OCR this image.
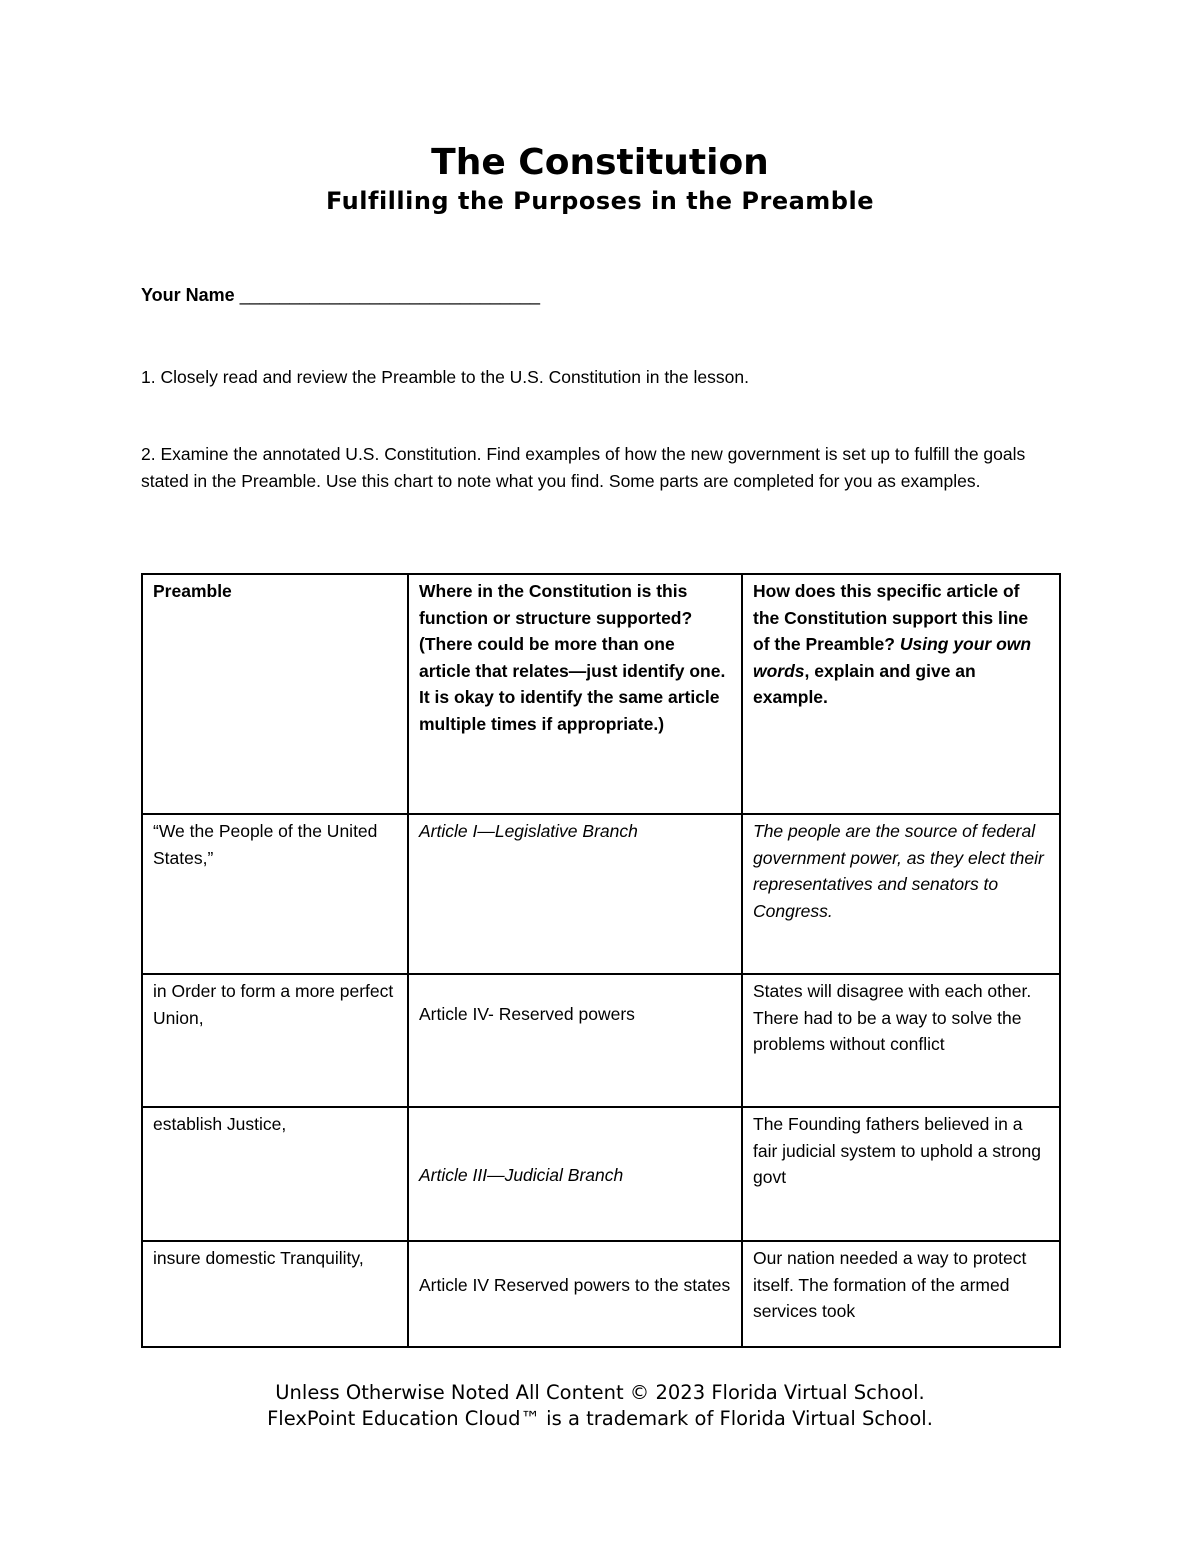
The Constitution
Fulfilling the Purposes in the Preamble
Your Name ______________________________

1. Closely read and review the Preamble to the U.S. Constitution in the lesson.

2. Examine the annotated U.S. Constitution. Find examples of how the new government is set up to fulfill the goals stated in the Preamble. Use this chart to note what you find. Some parts are completed for you as examples.

Preamble	Where in the Constitution is this function or structure supported? (There could be more than one article that relates—just identify one. It is okay to identify the same article multiple times if appropriate.)	How does this specific article of the Constitution support this line of the Preamble? Using your own words, explain and give an example.
“We the People of the United States,”	Article I—Legislative Branch	The people are the source of federal government power, as they elect their representatives and senators to Congress.
in Order to form a more perfect Union,	Article IV- Reserved powers	States will disagree with each other. There had to be a way to solve the problems without conflict
establish Justice,	Article III—Judicial Branch	The Founding fathers believed in a fair judicial system to uphold a strong govt
insure domestic Tranquility,	Article IV Reserved powers to the states	Our nation needed a way to protect itself. The formation of the armed services took
Unless Otherwise Noted All Content © 2023 Florida Virtual School.
FlexPoint Education Cloud™ is a trademark of Florida Virtual School.
